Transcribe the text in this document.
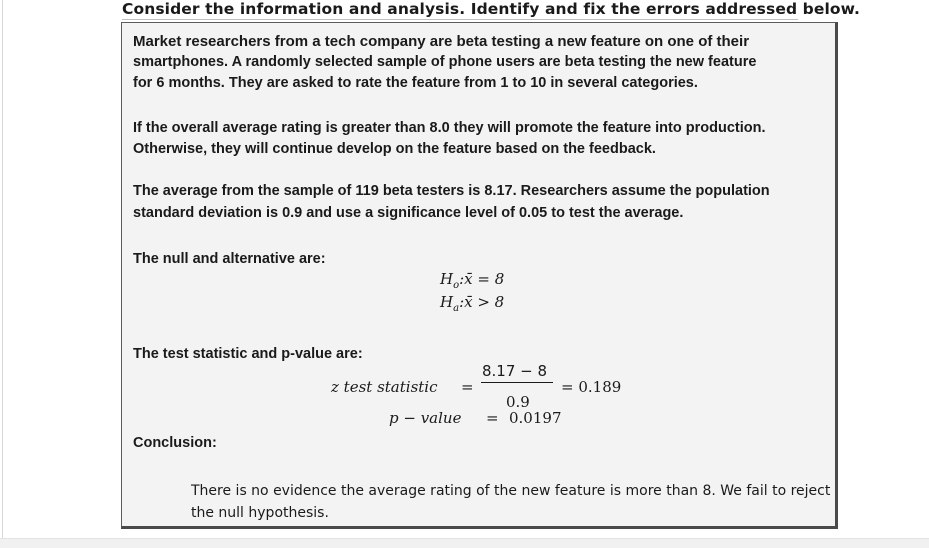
Consider the information and analysis. Identify and fix the errors addressed below.
Market researchers from a tech company are beta testing a new feature on one of their
smartphones. A randomly selected sample of phone users are beta testing the new feature
for 6 months. They are asked to rate the feature from 1 to 10 in several categories.
If the overall average rating is greater than 8.0 they will promote the feature into production.
Otherwise, they will continue develop on the feature based on the feedback.
The average from the sample of 119 beta testers is 8.17. Researchers assume the population
standard deviation is 0.9 and use a significance level of 0.05 to test the average.
The null and alternative are:
$H_o:x̄ = 8$
$H_a:x̄ > 8$
The test statistic and p-value are:
z test statistic =
8.17 − 8
0.9
= 0.189
p − value = 0.0197
Conclusion:
There is no evidence the average rating of the new feature is more than 8. We fail to reject the null hypothesis.
